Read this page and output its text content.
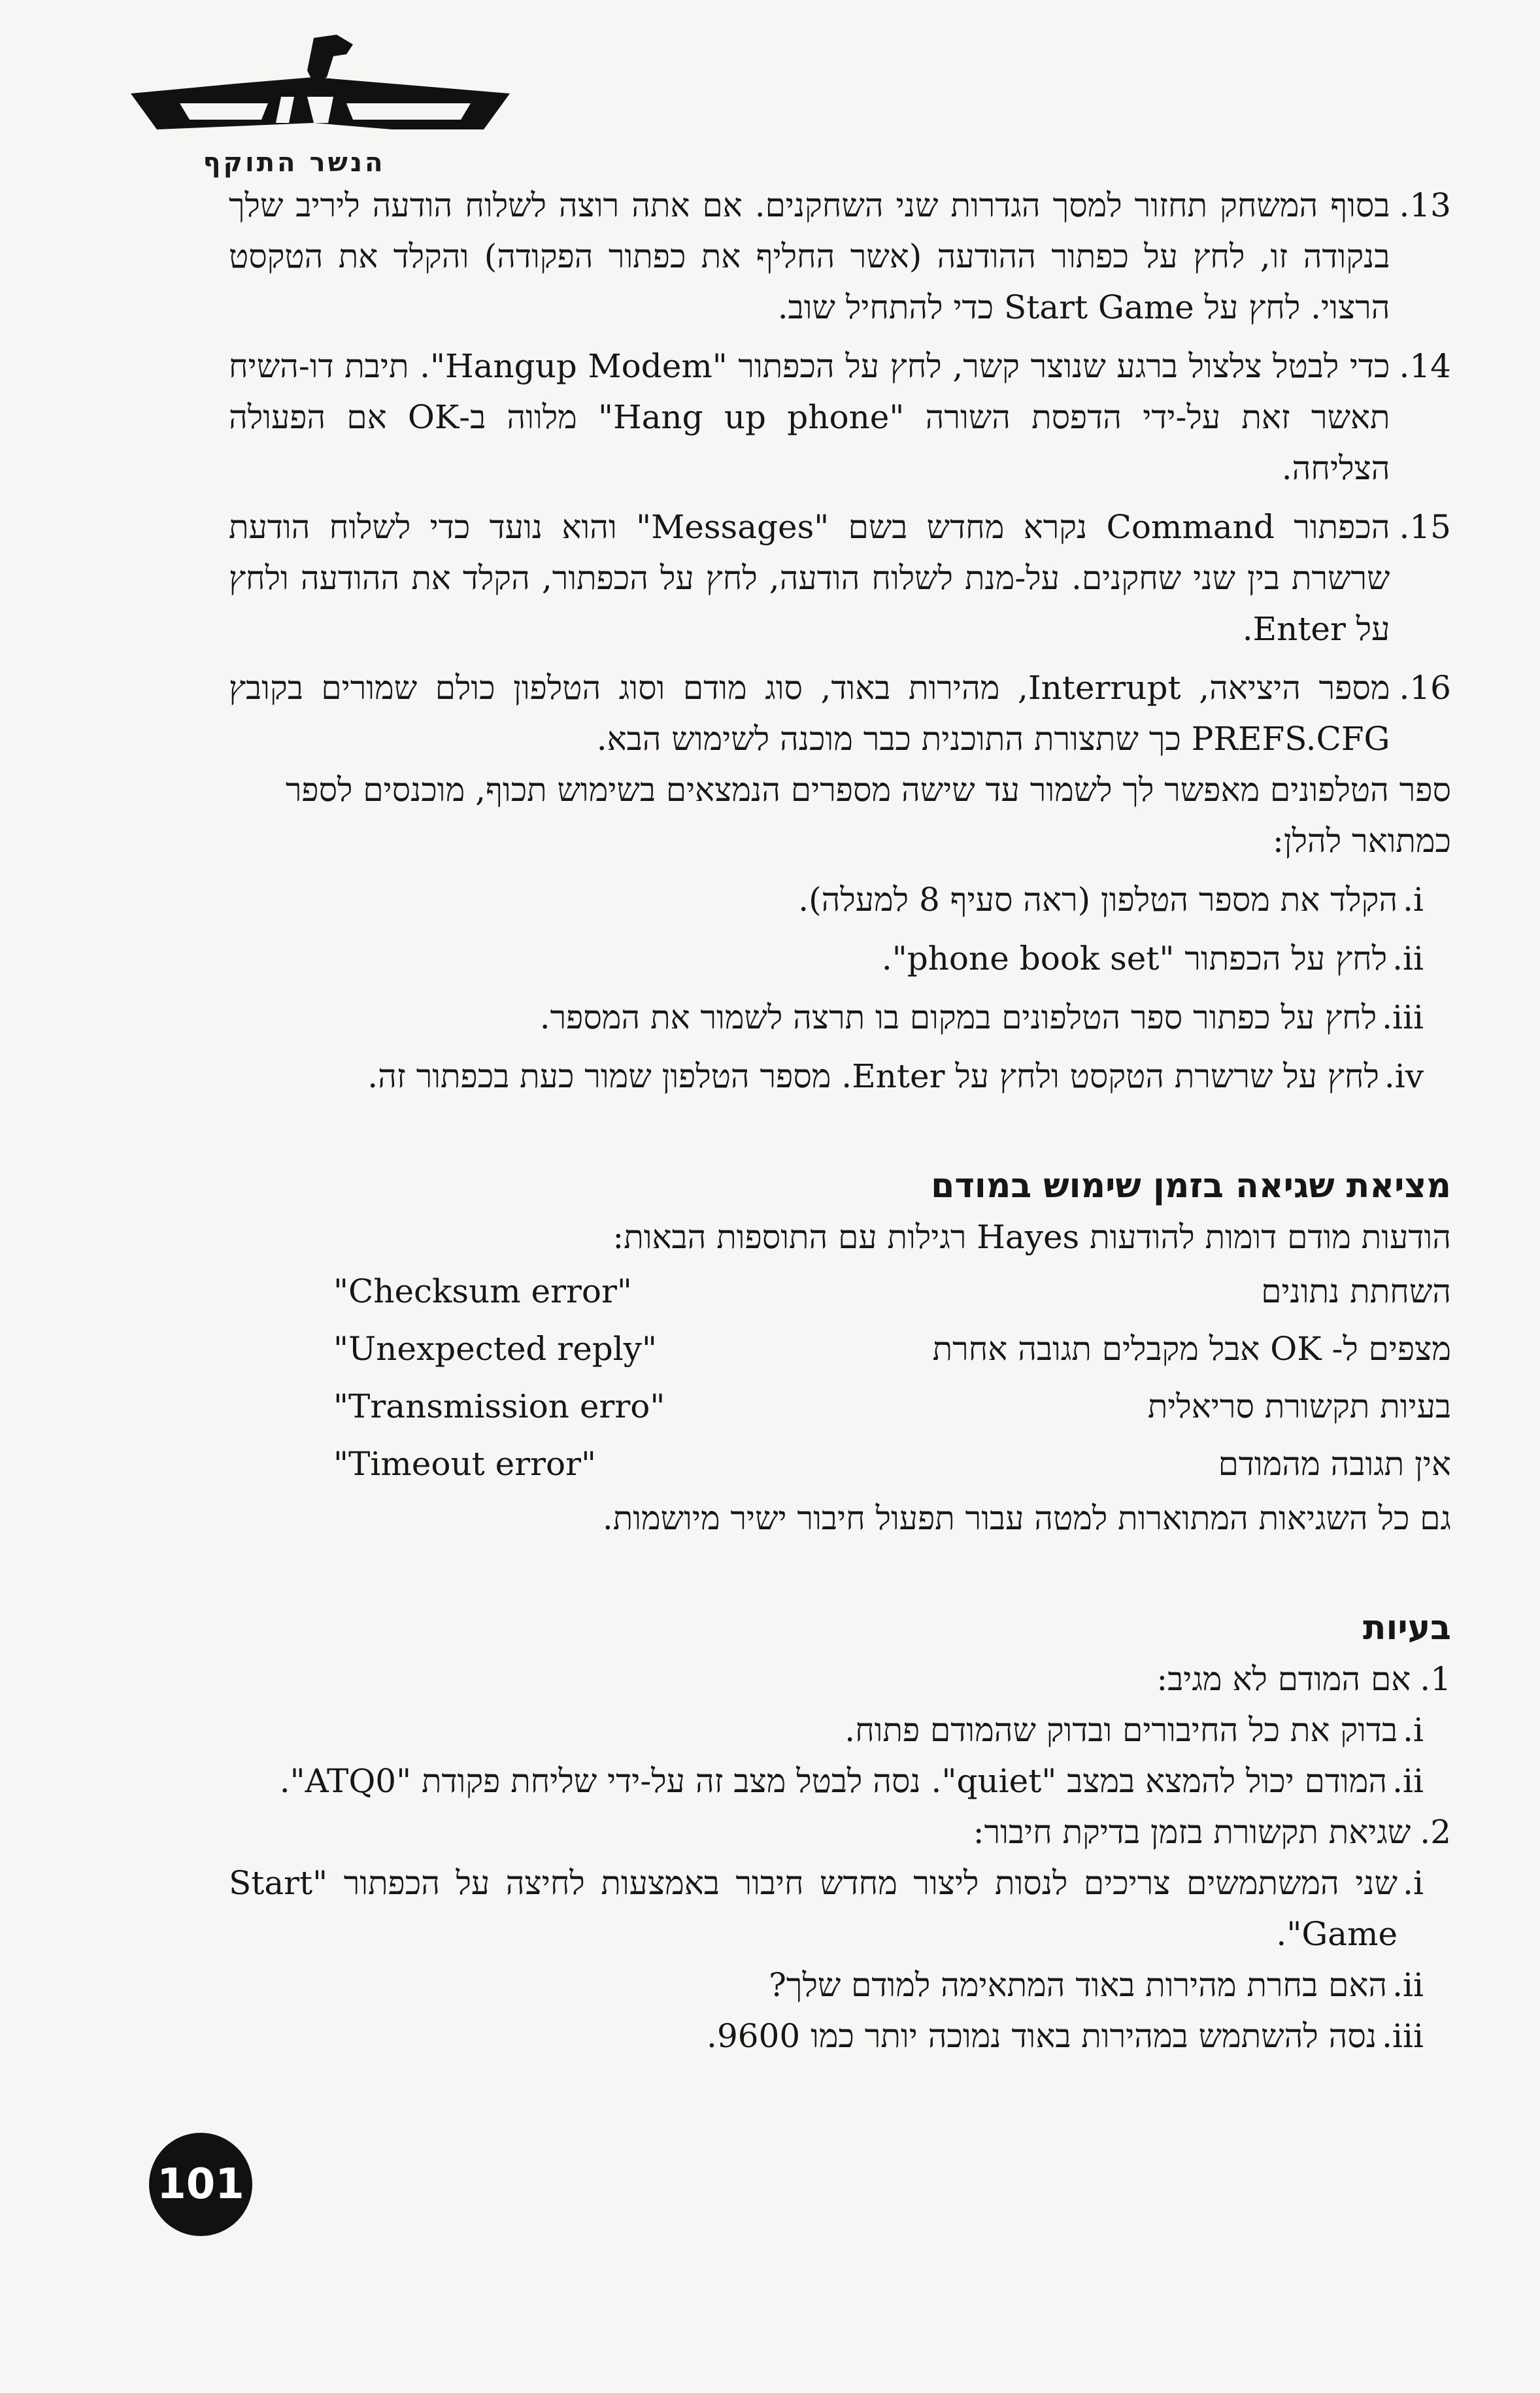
הנשר התוקף
13.
בסוף המשחק תחזור למסך הגדרות שני השחקנים. אם אתה רוצה לשלוח הודעה ליריב שלך בנקודה זו, לחץ על כפתור ההודעה (אשר החליף את כפתור הפקודה) והקלד את הטקסט הרצוי. לחץ על Start Game כדי להתחיל שוב.
14.
כדי לבטל צלצול ברגע שנוצר קשר, לחץ על הכפתור "Hangup Modem". תיבת דו-השיח תאשר זאת על-ידי הדפסת השורה "Hang up phone" מלווה ב-OK אם הפעולה הצליחה.
15.
הכפתור Command נקרא מחדש בשם "Messages" והוא נועד כדי לשלוח הודעת שרשרת בין שני שחקנים. על-מנת לשלוח הודעה, לחץ על הכפתור, הקלד את ההודעה ולחץ על Enter.
16.
מספר היציאה, Interrupt, מהירות באוד, סוג מודם וסוג הטלפון כולם שמורים בקובץ PREFS.CFG כך שתצורת התוכנית כבר מוכנה לשימוש הבא.
ספר הטלפונים מאפשר לך לשמור עד שישה מספרים הנמצאים בשימוש תכוף, מוכנסים לספר כמתואר להלן:
i.
הקלד את מספר הטלפון (ראה סעיף 8 למעלה).
ii.
לחץ על הכפתור "phone book set".
iii.
לחץ על כפתור ספר הטלפונים במקום בו תרצה לשמור את המספר.
iv.
לחץ על שרשרת הטקסט ולחץ על Enter. מספר הטלפון שמור כעת בכפתור זה.
מציאת שגיאה בזמן שימוש במודם
הודעות מודם דומות להודעות Hayes רגילות עם התוספות הבאות:
השחתת נתונים
"Checksum error"
מצפים ל- OK אבל מקבלים תגובה אחרת
"Unexpected reply"
בעיות תקשורת סריאלית
"Transmission erro"
אין תגובה מהמודם
"Timeout error"
גם כל השגיאות המתוארות למטה עבור תפעול חיבור ישיר מיושמות.
בעיות
1.
אם המודם לא מגיב:
i.
בדוק את כל החיבורים ובדוק שהמודם פתוח.
ii.
המודם יכול להמצא במצב "quiet". נסה לבטל מצב זה על-ידי שליחת פקודת "ATQ0".
2.
שגיאת תקשורת בזמן בדיקת חיבור:
i.
שני המשתמשים צריכים לנסות ליצור מחדש חיבור באמצעות לחיצה על הכפתור "Start Game".
ii.
האם בחרת מהירות באוד המתאימה למודם שלך?
iii.
נסה להשתמש במהירות באוד נמוכה יותר כמו 9600.
101
